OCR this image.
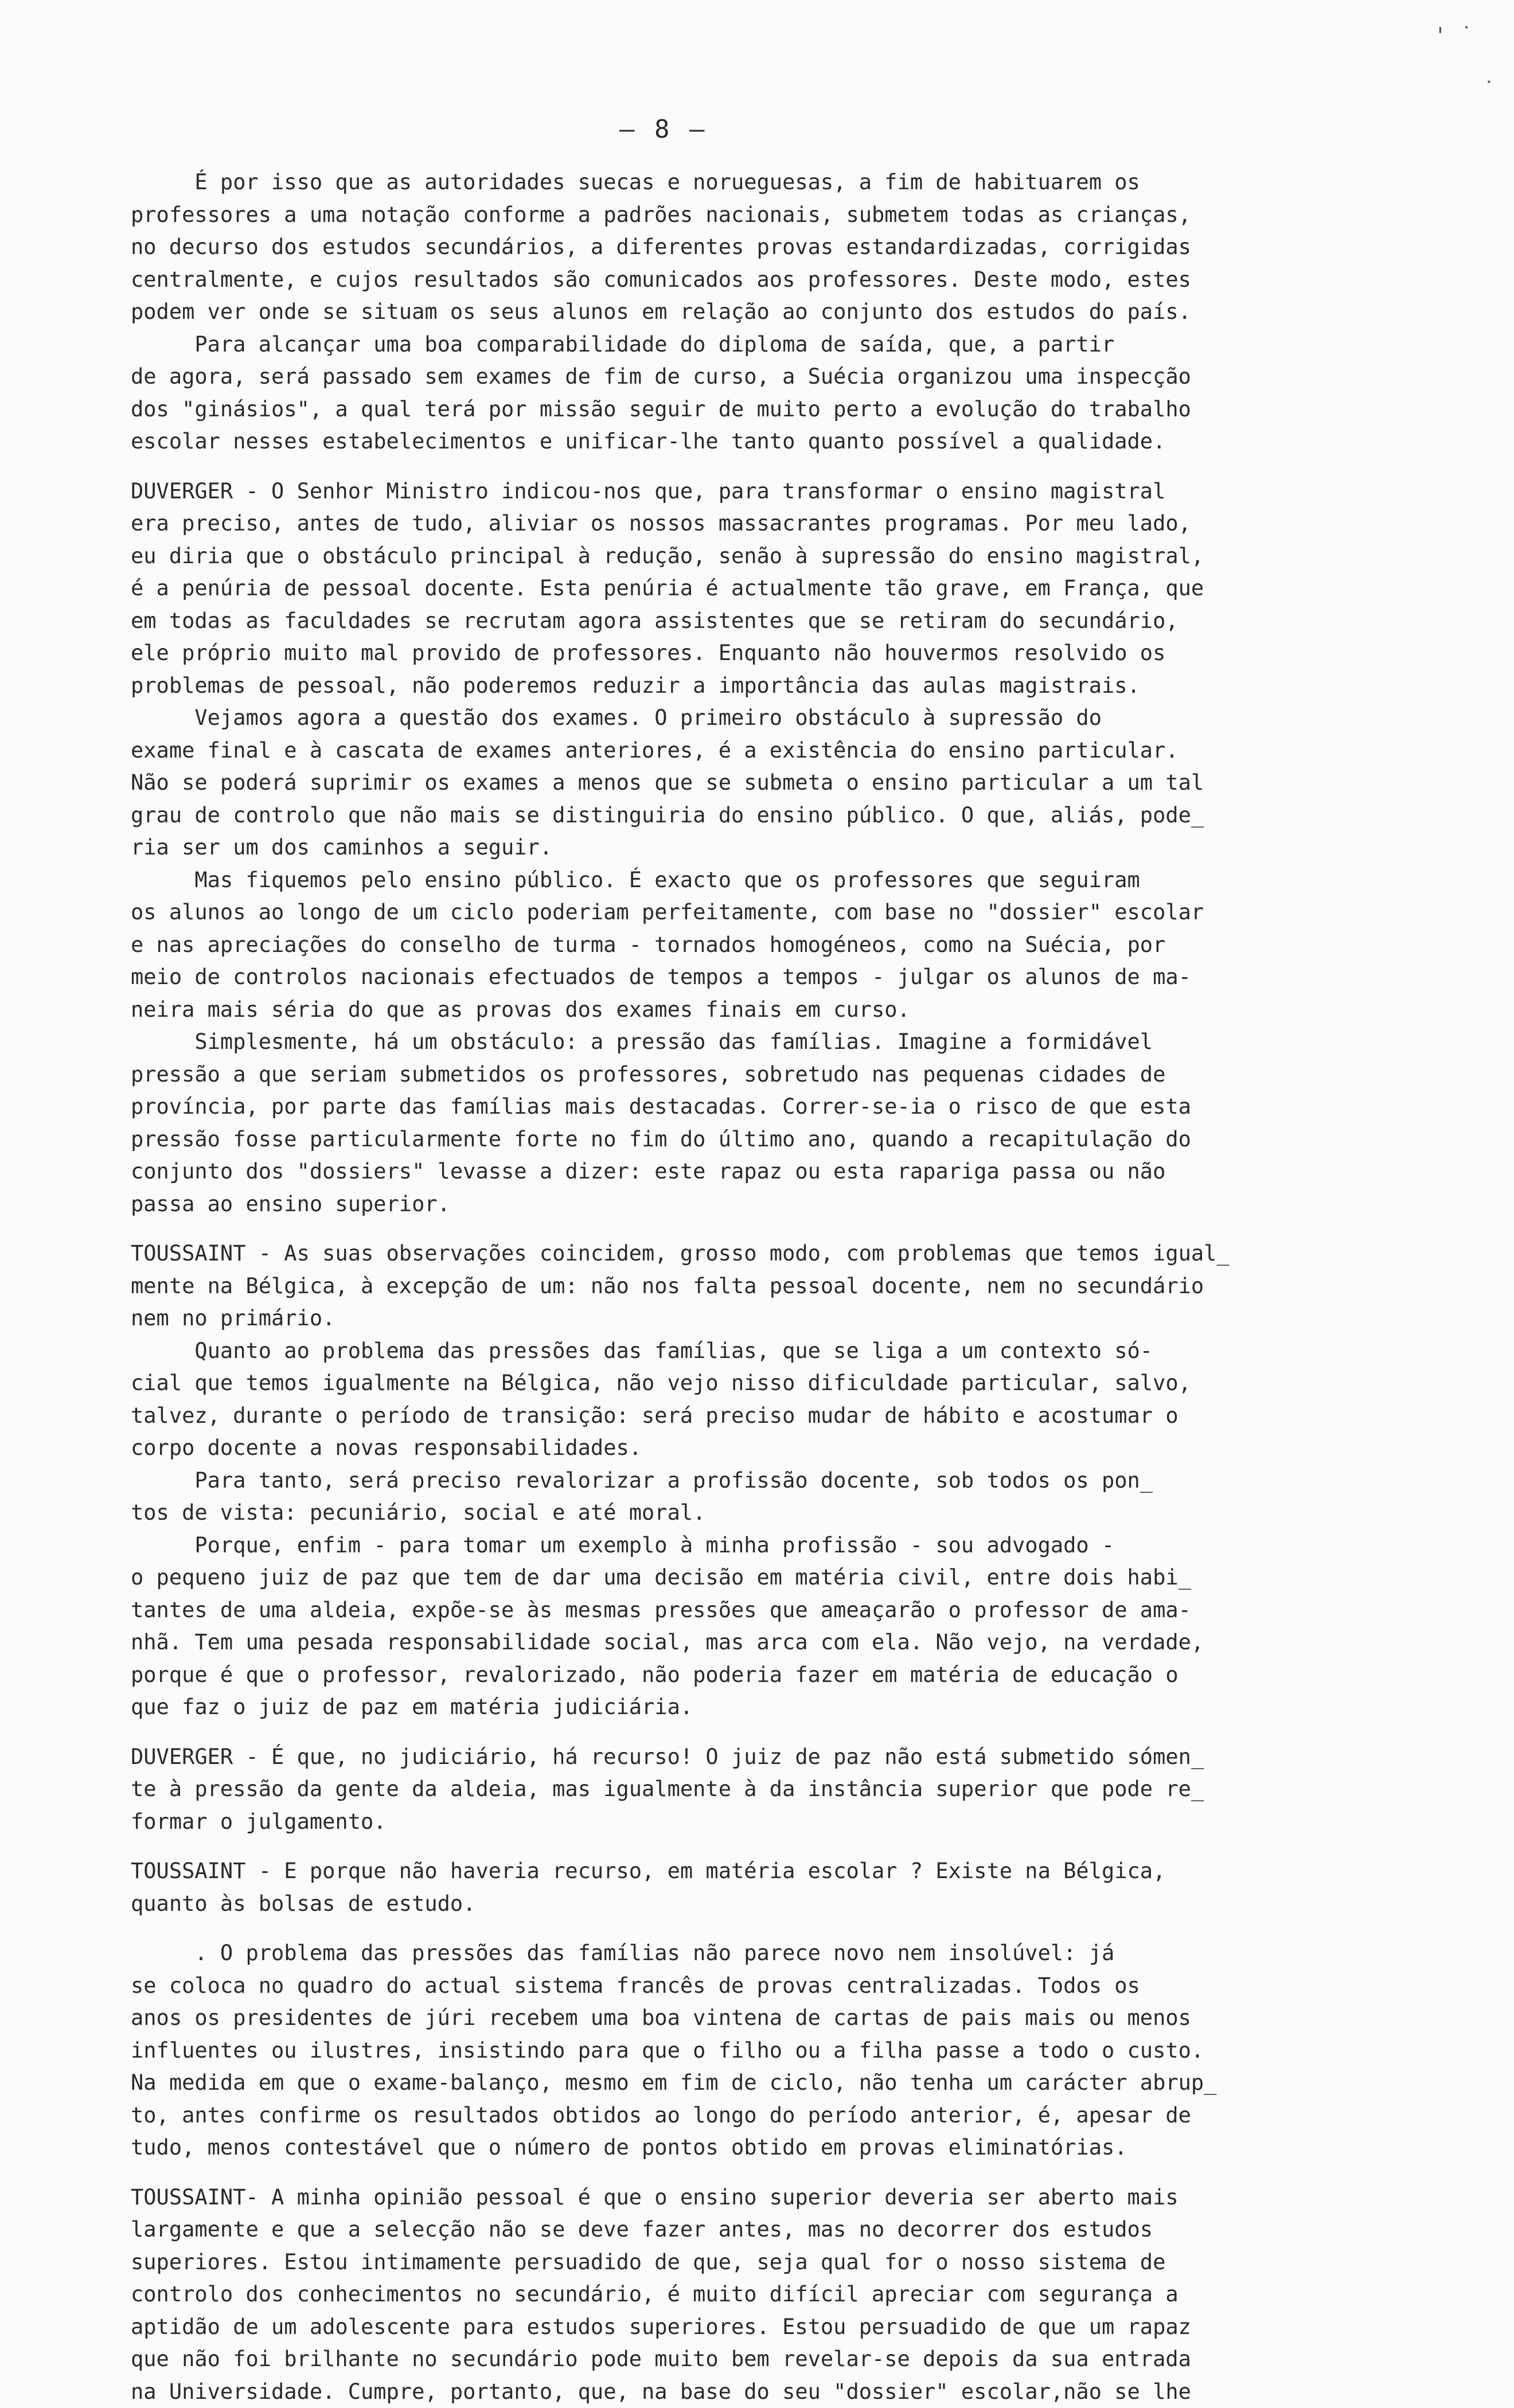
' ˙
˙
– 8 –
É por isso que as autoridades suecas e norueguesas, a fim de habituarem os
professores a uma notação conforme a padrões nacionais, submetem todas as crianças,
no decurso dos estudos secundários, a diferentes provas estandardizadas, corrigidas
centralmente, e cujos resultados são comunicados aos professores. Deste modo, estes
podem ver onde se situam os seus alunos em relação ao conjunto dos estudos do país.
Para alcançar uma boa comparabilidade do diploma de saída, que, a partir
de agora, será passado sem exames de fim de curso, a Suécia organizou uma inspecção
dos "ginásios", a qual terá por missão seguir de muito perto a evolução do trabalho
escolar nesses estabelecimentos e unificar-lhe tanto quanto possível a qualidade.
DUVERGER - O Senhor Ministro indicou-nos que, para transformar o ensino magistral
era preciso, antes de tudo, aliviar os nossos massacrantes programas. Por meu lado,
eu diria que o obstáculo principal à redução, senão à supressão do ensino magistral,
é a penúria de pessoal docente. Esta penúria é actualmente tão grave, em França, que
em todas as faculdades se recrutam agora assistentes que se retiram do secundário,
ele próprio muito mal provido de professores. Enquanto não houvermos resolvido os
problemas de pessoal, não poderemos reduzir a importância das aulas magistrais.
Vejamos agora a questão dos exames. O primeiro obstáculo à supressão do
exame final e à cascata de exames anteriores, é a existência do ensino particular.
Não se poderá suprimir os exames a menos que se submeta o ensino particular a um tal
grau de controlo que não mais se distinguiria do ensino público. O que, aliás, pode_
ria ser um dos caminhos a seguir.
Mas fiquemos pelo ensino público. É exacto que os professores que seguiram
os alunos ao longo de um ciclo poderiam perfeitamente, com base no "dossier" escolar
e nas apreciações do conselho de turma - tornados homogéneos, como na Suécia, por
meio de controlos nacionais efectuados de tempos a tempos - julgar os alunos de ma-
neira mais séria do que as provas dos exames finais em curso.
Simplesmente, há um obstáculo: a pressão das famílias. Imagine a formidável
pressão a que seriam submetidos os professores, sobretudo nas pequenas cidades de
província, por parte das famílias mais destacadas. Correr-se-ia o risco de que esta
pressão fosse particularmente forte no fim do último ano, quando a recapitulação do
conjunto dos "dossiers" levasse a dizer: este rapaz ou esta rapariga passa ou não
passa ao ensino superior.
TOUSSAINT - As suas observações coincidem, grosso modo, com problemas que temos igual_
mente na Bélgica, à excepção de um: não nos falta pessoal docente, nem no secundário
nem no primário.
Quanto ao problema das pressões das famílias, que se liga a um contexto só-
cial que temos igualmente na Bélgica, não vejo nisso dificuldade particular, salvo,
talvez, durante o período de transição: será preciso mudar de hábito e acostumar o
corpo docente a novas responsabilidades.
Para tanto, será preciso revalorizar a profissão docente, sob todos os pon_
tos de vista: pecuniário, social e até moral.
Porque, enfim - para tomar um exemplo à minha profissão - sou advogado -
o pequeno juiz de paz que tem de dar uma decisão em matéria civil, entre dois habi_
tantes de uma aldeia, expõe-se às mesmas pressões que ameaçarão o professor de ama-
nhã. Tem uma pesada responsabilidade social, mas arca com ela. Não vejo, na verdade,
porque é que o professor, revalorizado, não poderia fazer em matéria de educação o
que faz o juiz de paz em matéria judiciária.
DUVERGER - É que, no judiciário, há recurso! O juiz de paz não está submetido sómen_
te à pressão da gente da aldeia, mas igualmente à da instância superior que pode re_
formar o julgamento.
TOUSSAINT - E porque não haveria recurso, em matéria escolar ? Existe na Bélgica,
quanto às bolsas de estudo.
. O problema das pressões das famílias não parece novo nem insolúvel: já
se coloca no quadro do actual sistema francês de provas centralizadas. Todos os
anos os presidentes de júri recebem uma boa vintena de cartas de pais mais ou menos
influentes ou ilustres, insistindo para que o filho ou a filha passe a todo o custo.
Na medida em que o exame-balanço, mesmo em fim de ciclo, não tenha um carácter abrup_
to, antes confirme os resultados obtidos ao longo do período anterior, é, apesar de
tudo, menos contestável que o número de pontos obtido em provas eliminatórias.
TOUSSAINT- A minha opinião pessoal é que o ensino superior deveria ser aberto mais
largamente e que a selecção não se deve fazer antes, mas no decorrer dos estudos
superiores. Estou intimamente persuadido de que, seja qual for o nosso sistema de
controlo dos conhecimentos no secundário, é muito difícil apreciar com segurança a
aptidão de um adolescente para estudos superiores. Estou persuadido de que um rapaz
que não foi brilhante no secundário pode muito bem revelar-se depois da sua entrada
na Universidade. Cumpre, portanto, que, na base do seu "dossier" escolar,não se lhe
